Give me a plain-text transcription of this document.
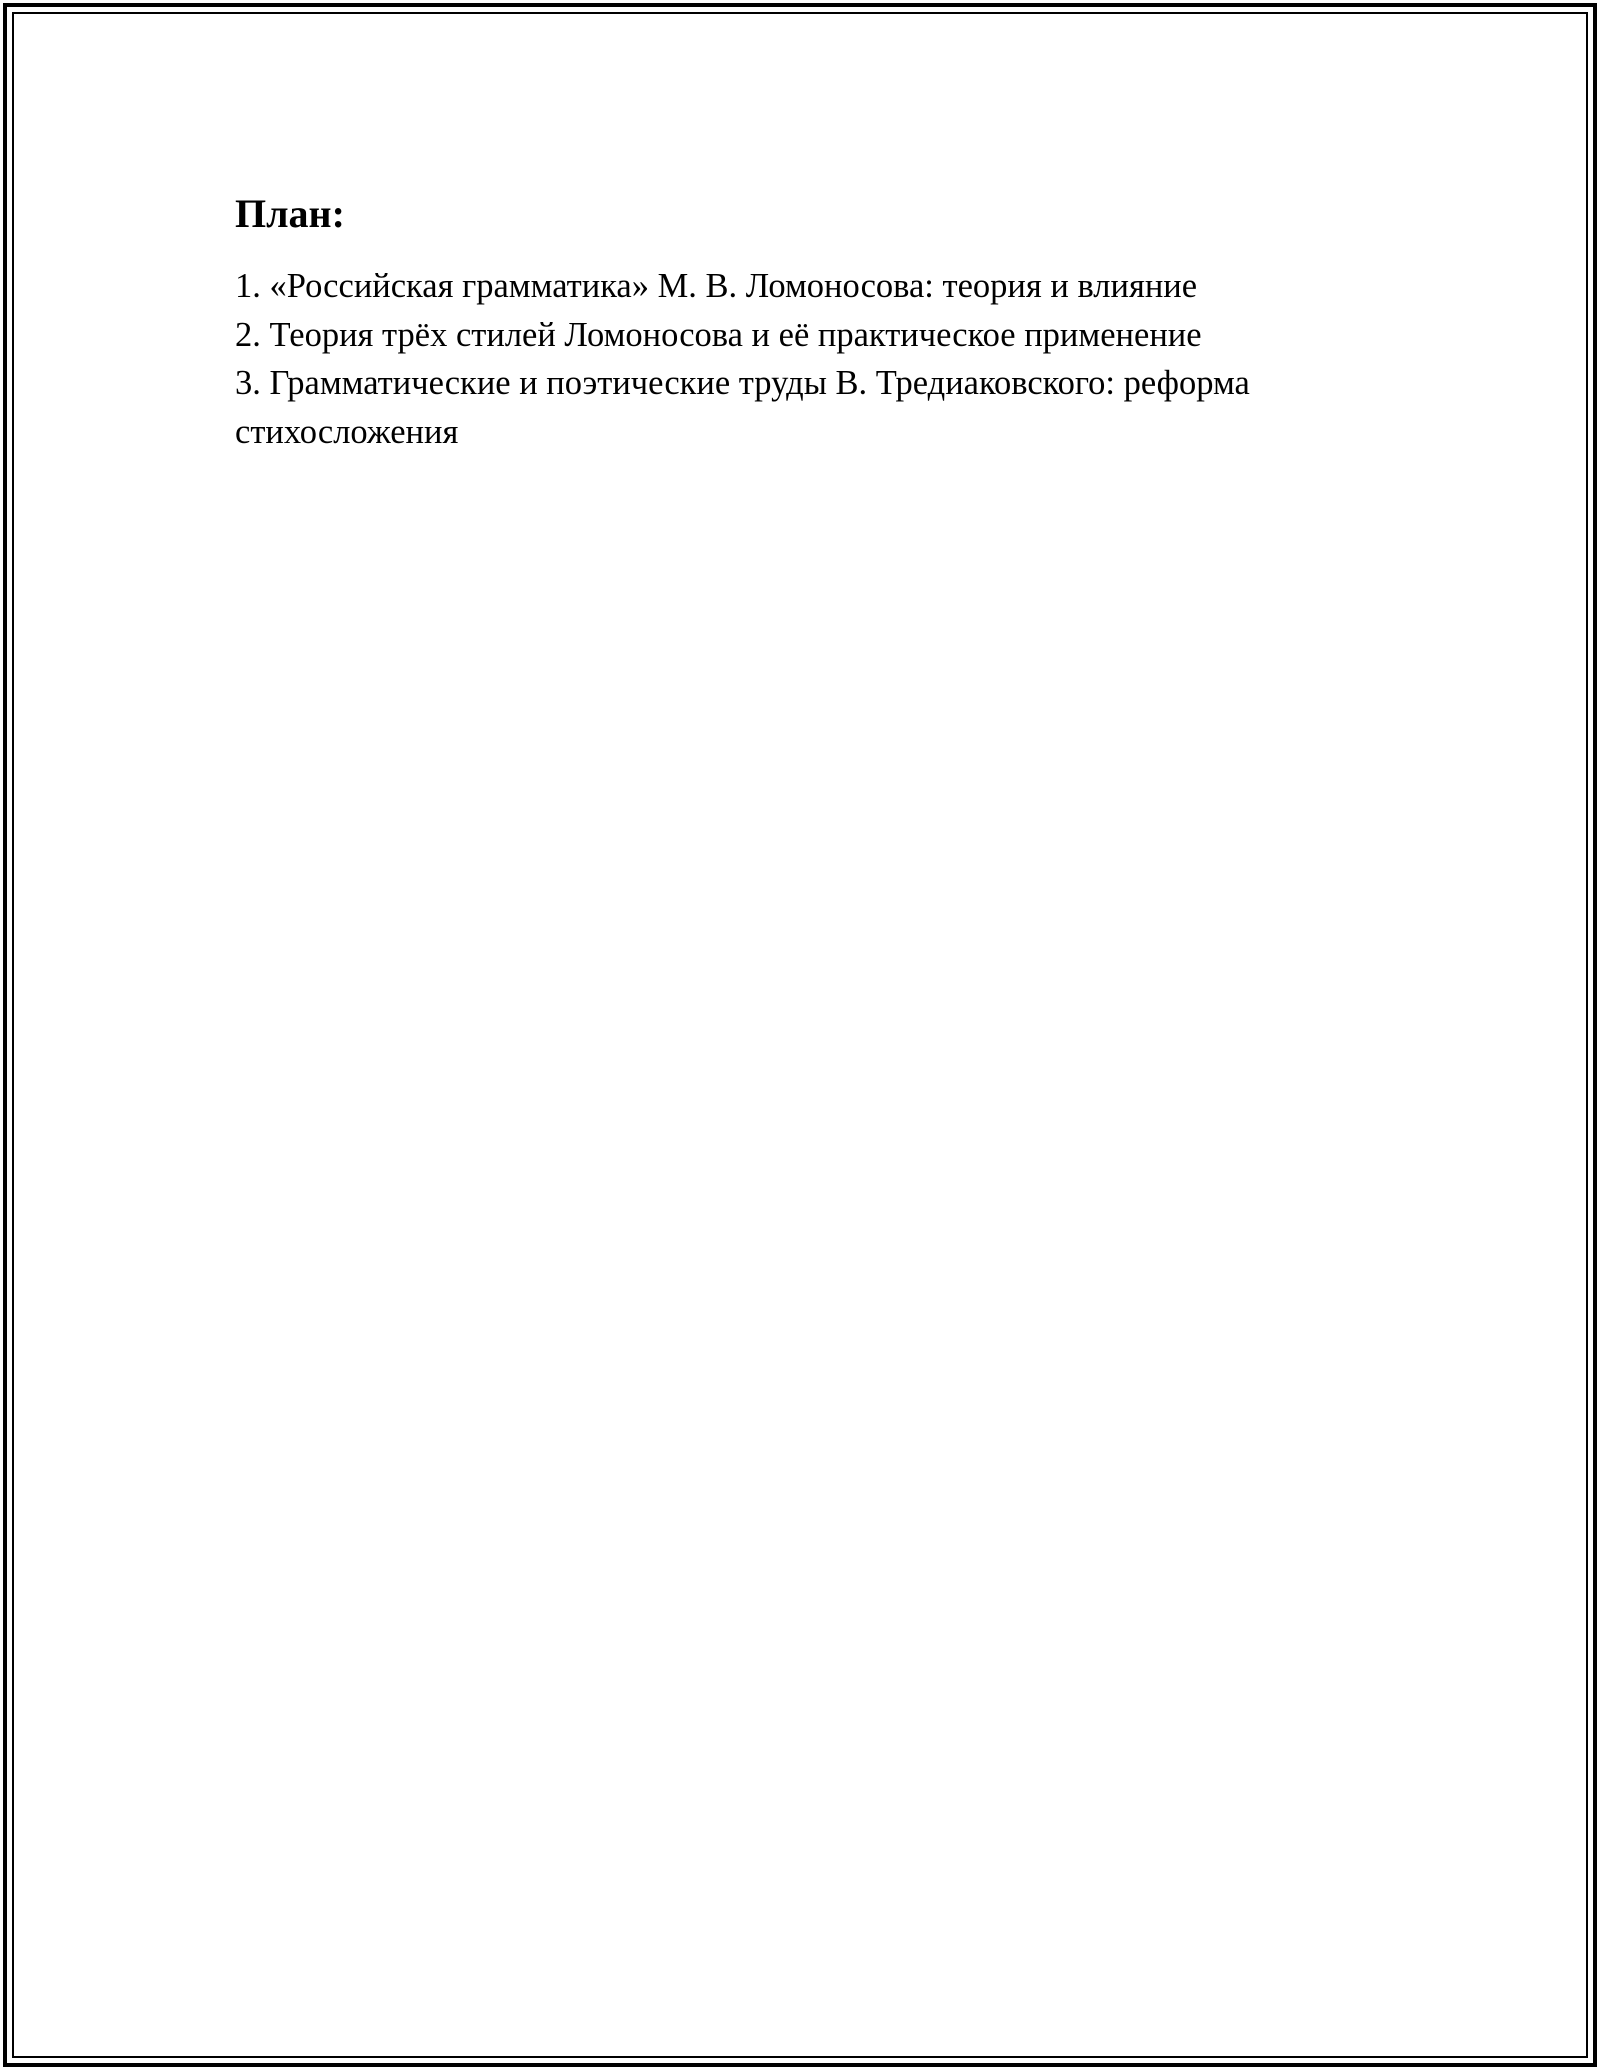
План:
1. «Российская грамматика» М. В. Ломоносова: теория и влияние
2. Теория трёх стилей Ломоносова и её практическое применение
3. Грамматические и поэтические труды В. Тредиаковского: реформа стихосложения
